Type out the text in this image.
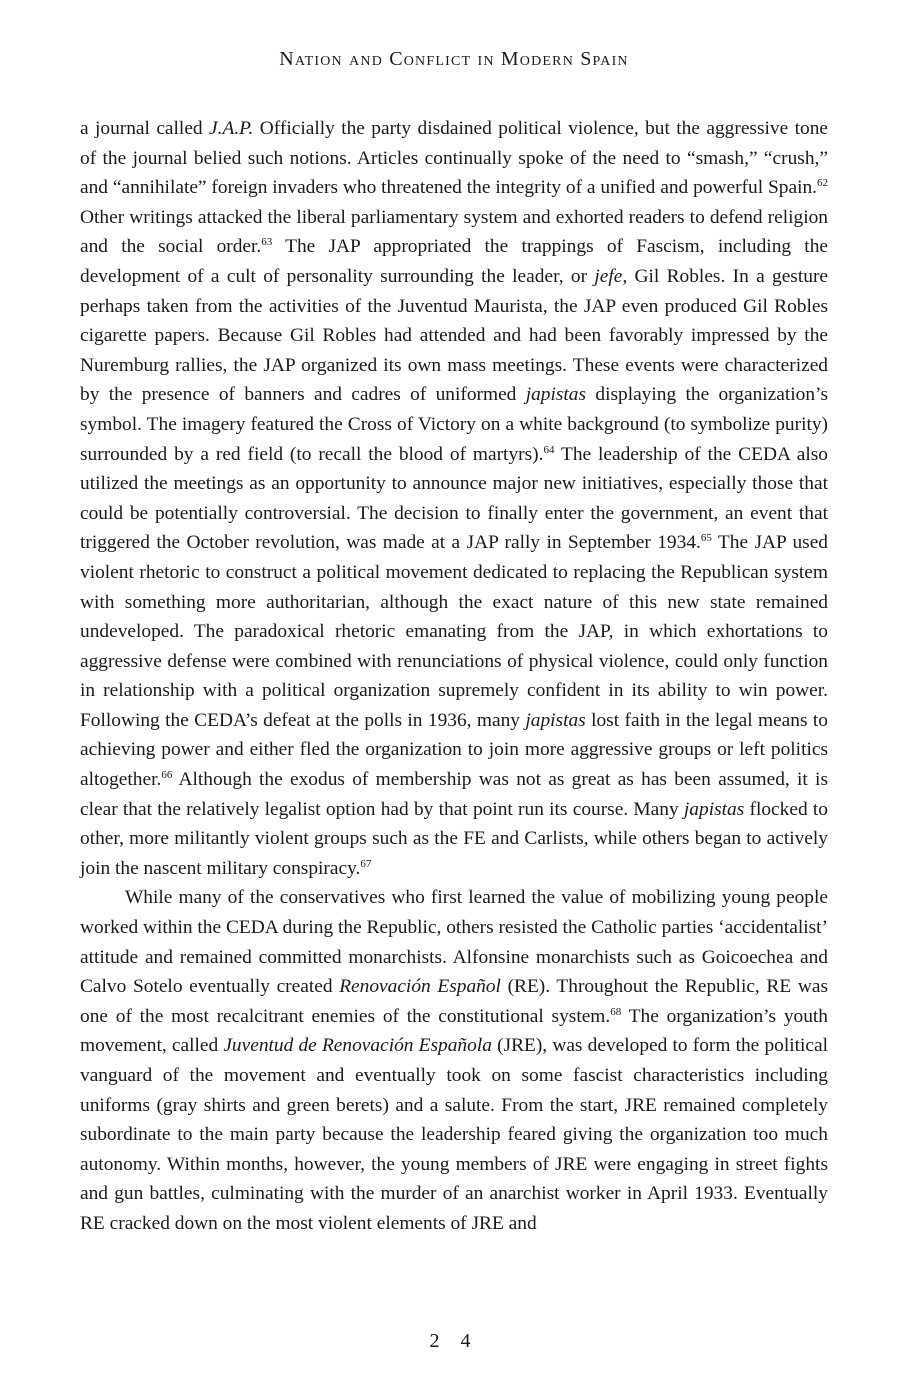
Nation and Conflict in Modern Spain

a journal called J.A.P. Officially the party disdained political violence, but the aggressive tone of the journal belied such notions. Articles continually spoke of the need to “smash,” “crush,” and “annihilate” foreign invaders who threatened the integrity of a unified and powerful Spain.$^{62}$ Other writings attacked the liberal parliamentary system and exhorted readers to defend religion and the social order.$^{63}$ The JAP appropriated the trappings of Fascism, including the development of a cult of personality surrounding the leader, or jefe, Gil Robles. In a gesture perhaps taken from the activities of the Juventud Maurista, the JAP even produced Gil Robles cigarette papers. Because Gil Robles had attended and had been favorably impressed by the Nuremburg rallies, the JAP organized its own mass meetings. These events were characterized by the presence of banners and cadres of uniformed japistas displaying the organization’s symbol. The imagery featured the Cross of Victory on a white background (to symbolize purity) surrounded by a red field (to recall the blood of martyrs).$^{64}$ The leadership of the CEDA also utilized the meetings as an opportunity to announce major new initiatives, especially those that could be potentially controversial. The decision to finally enter the government, an event that triggered the October revolution, was made at a JAP rally in September 1934.65 The JAP used violent rhetoric to construct a political movement dedicated to replacing the Republican system with something more authoritarian, although the exact nature of this new state remained undeveloped. The paradoxical rhetoric emanating from the JAP, in which exhortations to aggressive defense were combined with renunciations of physical violence, could only function in relationship with a political organization supremely confident in its ability to win power. Following the CEDA’s defeat at the polls in 1936, many japistas lost faith in the legal means to achieving power and either fled the organization to join more aggressive groups or left politics altogether.$^{66}$ Although the exodus of membership was not as great as has been assumed, it is clear that the relatively legalist option had by that point run its course. Many japistas flocked to other, more militantly violent groups such as the FE and Carlists, while others began to actively join the nascent military conspiracy.$^{67}$

While many of the conservatives who first learned the value of mobilizing young people worked within the CEDA during the Republic, others resisted the Catholic parties ‘accidentalist’ attitude and remained committed monarchists. Alfonsine monarchists such as Goicoechea and Calvo Sotelo eventually created Renovación Español (RE). Throughout the Republic, RE was one of the most recalcitrant enemies of the constitutional system.$^{68}$ The organization’s youth movement, called Juventud de Renovación Española (JRE), was developed to form the political vanguard of the movement and eventually took on some fascist characteristics including uniforms (gray shirts and green berets) and a salute. From the start, JRE remained completely subordinate to the main party because the leadership feared giving the organization too much autonomy. Within months, however, the young members of JRE were engaging in street fights and gun battles, culminating with the murder of an anarchist worker in April 1933. Eventually RE cracked down on the most violent elements of JRE and

2 4
